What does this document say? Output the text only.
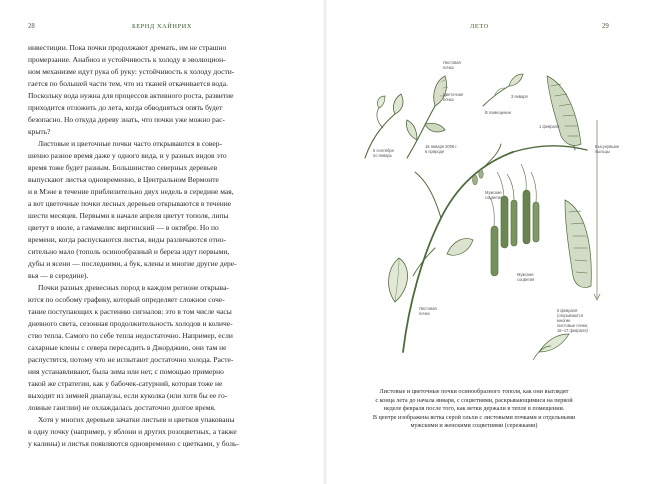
28	БЕРНД ХАЙНРИХ
инвестиции. Пока почки продолжают дремать, им не страшно
промерзание. Анабиоз и устойчивость к холоду в эволюцион-
ном механизме идут рука об руку: устойчивость к холоду дости-
гается по большей части тем, что из тканей откачивается вода.
Поскольку вода нужна для процессов активного роста, развитие
приходится отложить до лета, когда обводняться опять будет
безопасно. Но откуда дереву знать, что почки уже можно рас-
крыть?
Листовые и цветочные почки часто открываются в совер-
шенно разное время даже у одного вида, и у разных видов это
время тоже будет разным. Большинство северных деревьев
выпускают листья одновременно, в Центральном Вермонте
и в Мэне в течение приблизительно двух недель в середине мая,
а вот цветочные почки лесных деревьев открываются в течение
шести месяцев. Первыми в начале апреля цветут тополя, липы
цветут в июле, а гамамелис виргинский — в октябре. Но по
времени, когда распускаются листья, виды различаются отно-
сительно мало (тополь осинообразный и береза идут первыми,
дубы и ясени — последними, а бук, клены и многие другие дере-
вья — в середине).
Почки разных древесных пород в каждом регионе открыва-
ются по особому графику, который определяет сложное соче-
тание поступающих к растению сигналов: это в том числе часы
дневного света, сезонная продолжительность холодов и количе-
ство тепла. Самого по себе тепла недостаточно. Например, если
сахарные клены с севера пересадить в Джорджию, они там не
распустятся, потому что не испытают достаточно холода. Расте-
ния устанавливают, была зима или нет, с помощью примерно
такой же стратегии, как у бабочек-сатурний, которая тоже не
выходит из зимней диапаузы, если куколка (или хотя бы ее го-
ловные ганглии) не охлаждалась достаточно долгое время.
Хотя у многих деревьев зачатки листьев и цветков упакованы
в одну почку (например, у яблони и других розоцветных, а также
у калины) и листья появляются одновременно с цветками, у боль-
ЛЕТО	29
5 сентября
по январь
Листовая
почка
Цветочная
почка
18 января 2006 г.
в природе
3 января
В помещении
1 февраля
Высунувшие
пыльцы
Мужские
соцветия
Мужские
соцветия
Листовая
почка
5 февраля
(открываются
многие
листовые почки,
16–17 февраля)
Листовые и цветочные почки осинообразного тополя, как они выглядят
с конца лета до начала января, с соцветиями, раскрывающимися на первой
неделе февраля после того, как ветки держали в тепле в помещении.
В центре изображена ветка серой ольхи с листовыми почками и отдельными
мужскими и женскими соцветиями (сережками)
